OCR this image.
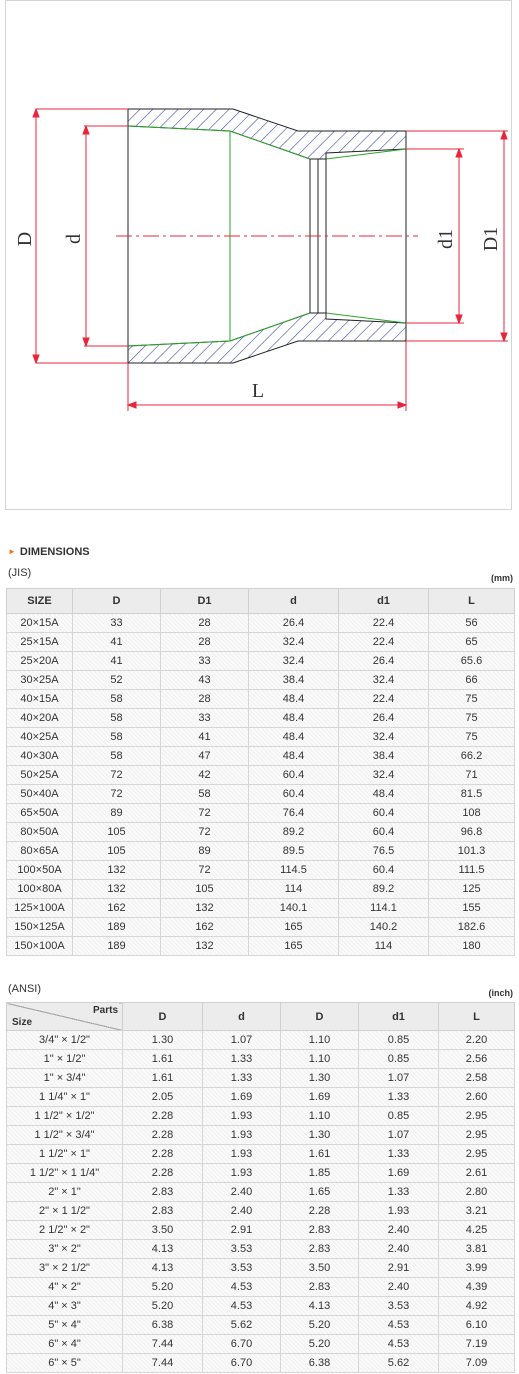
D d	d1 D1
L
► DIMENSIONS
(JIS)	(mm)
SIZE	D	D1	d	d1	L
20×15A	33	28	26.4	22.4	56
25×15A	41	28	32.4	22.4	65
25×20A	41	33	32.4	26.4	65.6
30×25A	52	43	38.4	32.4	66
40×15A	58	28	48.4	22.4	75
40×20A	58	33	48.4	26.4	75
40×25A	58	41	48.4	32.4	75
40×30A	58	47	48.4	38.4	66.2
50×25A	72	42	60.4	32.4	71
50×40A	72	58	60.4	48.4	81.5
65×50A	89	72	76.4	60.4	108
80×50A	105	72	89.2	60.4	96.8
80×65A	105	89	89.5	76.5	101.3
100×50A	132	72	114.5	60.4	111.5
100×80A	132	105	114	89.2	125
125×100A	162	132	140.1	114.1	155
150×125A	189	162	165	140.2	182.6
150×100A	189	132	165	114	180
(ANSI)	(inch)
Parts
Size	D	d	D	d1	L
3/4" × 1/2"	1.30	1.07	1.10	0.85	2.20
1" × 1/2"	1.61	1.33	1.10	0.85	2.56
1" × 3/4"	1.61	1.33	1.30	1.07	2.58
1 1/4" × 1"	2.05	1.69	1.69	1.33	2.60
1 1/2" × 1/2"	2.28	1.93	1.10	0.85	2.95
1 1/2" × 3/4"	2.28	1.93	1.30	1.07	2.95
1 1/2" × 1"	2.28	1.93	1.61	1.33	2.95
1 1/2" × 1 1/4"	2.28	1.93	1.85	1.69	2.61
2" × 1"	2.83	2.40	1.65	1.33	2.80
2" × 1 1/2"	2.83	2.40	2.28	1.93	3.21
2 1/2" × 2"	3.50	2.91	2.83	2.40	4.25
3" × 2"	4.13	3.53	2.83	2.40	3.81
3" × 2 1/2"	4.13	3.53	3.50	2.91	3.99
4" × 2"	5.20	4.53	2.83	2.40	4.39
4" × 3"	5.20	4.53	4.13	3.53	4.92
5" × 4"	6.38	5.62	5.20	4.53	6.10
6" × 4"	7.44	6.70	5.20	4.53	7.19
6" × 5"	7.44	6.70	6.38	5.62	7.09
